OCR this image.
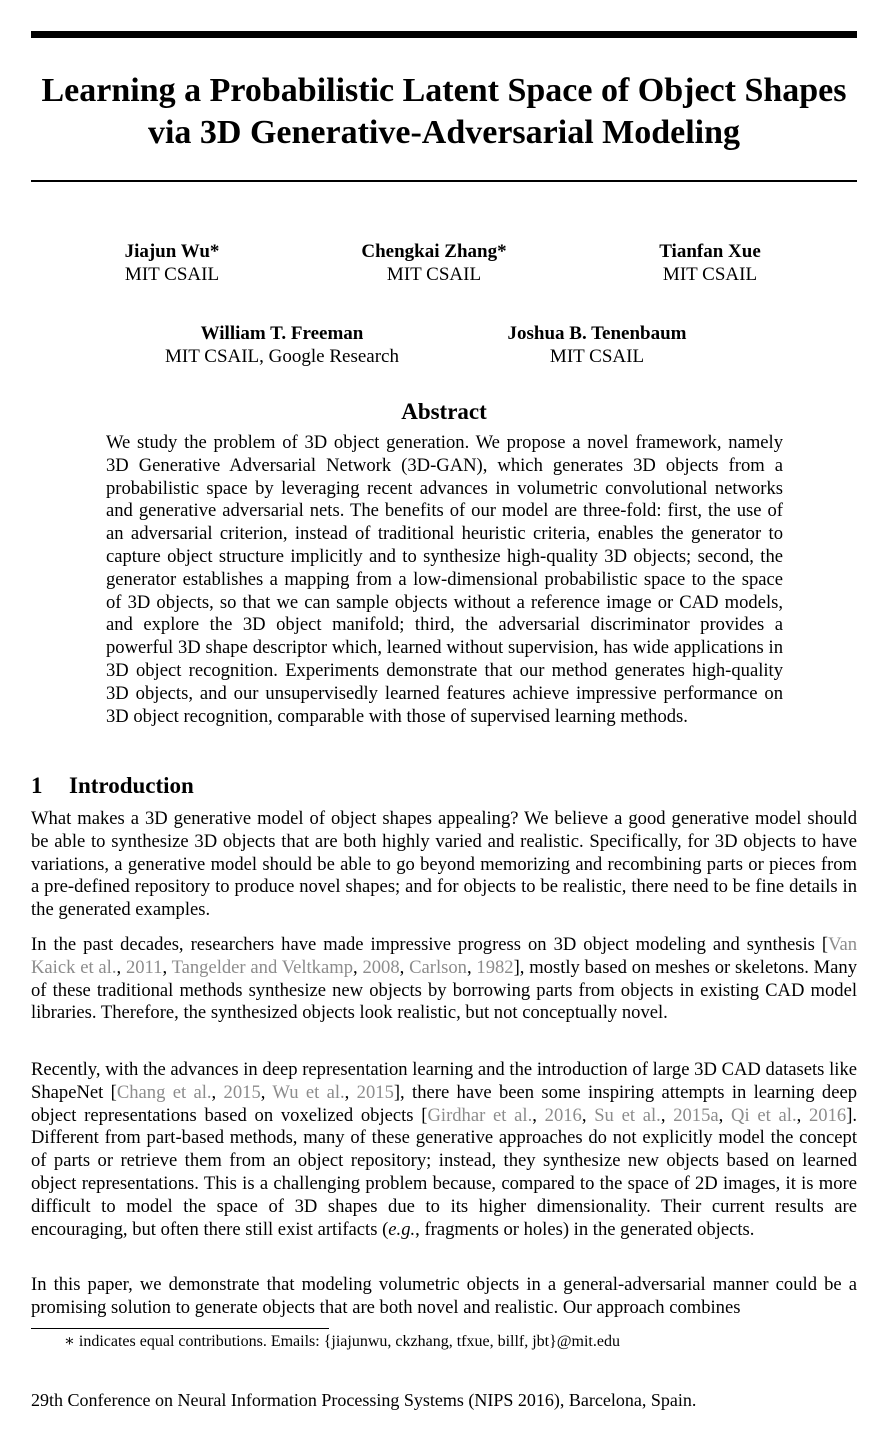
Learning a Probabilistic Latent Space of Object Shapes via 3D Generative-Adversarial Modeling
Jiajun Wu*
MIT CSAIL
Chengkai Zhang*
MIT CSAIL
Tianfan Xue
MIT CSAIL
William T. Freeman
MIT CSAIL, Google Research
Joshua B. Tenenbaum
MIT CSAIL
Abstract

We study the problem of 3D object generation. We propose a novel framework, namely 3D Generative Adversarial Network (3D-GAN), which generates 3D objects from a probabilistic space by leveraging recent advances in volumetric convolutional networks and generative adversarial nets. The benefits of our model are three-fold: first, the use of an adversarial criterion, instead of traditional heuristic criteria, enables the generator to capture object structure implicitly and to synthesize high-quality 3D objects; second, the generator establishes a mapping from a low-dimensional probabilistic space to the space of 3D objects, so that we can sample objects without a reference image or CAD models, and explore the 3D object manifold; third, the adversarial discriminator provides a powerful 3D shape descriptor which, learned without supervision, has wide applications in 3D object recognition. Experiments demonstrate that our method generates high-quality 3D objects, and our unsupervisedly learned features achieve impressive performance on 3D object recognition, comparable with those of supervised learning methods.

1 Introduction

What makes a 3D generative model of object shapes appealing? We believe a good generative model should be able to synthesize 3D objects that are both highly varied and realistic. Specifically, for 3D objects to have variations, a generative model should be able to go beyond memorizing and recombining parts or pieces from a pre-defined repository to produce novel shapes; and for objects to be realistic, there need to be fine details in the generated examples.

In the past decades, researchers have made impressive progress on 3D object modeling and synthesis [Van Kaick et al., 2011, Tangelder and Veltkamp, 2008, Carlson, 1982], mostly based on meshes or skeletons. Many of these traditional methods synthesize new objects by borrowing parts from objects in existing CAD model libraries. Therefore, the synthesized objects look realistic, but not conceptually novel.

Recently, with the advances in deep representation learning and the introduction of large 3D CAD datasets like ShapeNet [Chang et al., 2015, Wu et al., 2015], there have been some inspiring attempts in learning deep object representations based on voxelized objects [Girdhar et al., 2016, Su et al., 2015a, Qi et al., 2016]. Different from part-based methods, many of these generative approaches do not explicitly model the concept of parts or retrieve them from an object repository; instead, they synthesize new objects based on learned object representations. This is a challenging problem because, compared to the space of 2D images, it is more difficult to model the space of 3D shapes due to its higher dimensionality. Their current results are encouraging, but often there still exist artifacts (e.g., fragments or holes) in the generated objects.

In this paper, we demonstrate that modeling volumetric objects in a general-adversarial manner could be a promising solution to generate objects that are both novel and realistic. Our approach combines

∗ indicates equal contributions. Emails: {jiajunwu, ckzhang, tfxue, billf, jbt}@mit.edu

29th Conference on Neural Information Processing Systems (NIPS 2016), Barcelona, Spain.
